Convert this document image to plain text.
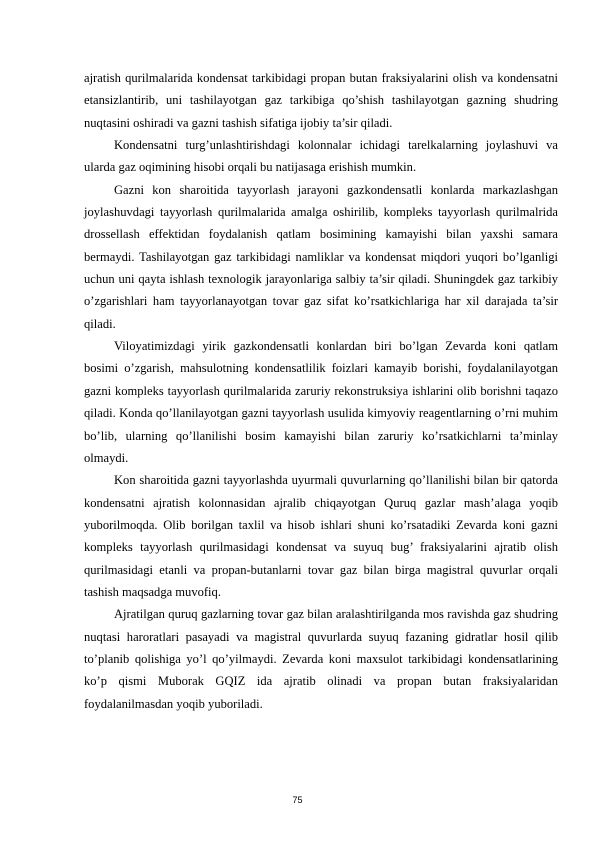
ajratish qurilmalarida kondensat tarkibidagi propan butan fraksiyalarini olish va kondensatni etansizlantirib, uni tashilayotgan gaz tarkibiga qo’shish tashilayotgan gazning shudring nuqtasini oshiradi va gazni tashish sifatiga ijobiy ta’sir qiladi.

Kondensatni turg’unlashtirishdagi kolonnalar ichidagi tarelkalarning joylashuvi va ularda gaz oqimining hisobi orqali bu natijasaga erishish mumkin.

Gazni kon sharoitida tayyorlash jarayoni gazkondensatli konlarda markazlashgan joylashuvdagi tayyorlash qurilmalarida amalga oshirilib, kompleks tayyorlash qurilmalrida drossellash effektidan foydalanish qatlam bosimining kamayishi bilan yaxshi samara bermaydi. Tashilayotgan gaz tarkibidagi namliklar va kondensat miqdori yuqori bo’lganligi uchun uni qayta ishlash texnologik jarayonlariga salbiy ta’sir qiladi. Shuningdek gaz tarkibiy o’zgarishlari ham tayyorlanayotgan tovar gaz sifat ko’rsatkichlariga har xil darajada ta’sir qiladi.

Viloyatimizdagi yirik gazkondensatli konlardan biri bo’lgan Zevarda koni qatlam bosimi o’zgarish, mahsulotning kondensatlilik foizlari kamayib borishi, foydalanilayotgan gazni kompleks tayyorlash qurilmalarida zaruriy rekonstruksiya ishlarini olib borishni taqazo qiladi. Konda qo’llanilayotgan gazni tayyorlash usulida kimyoviy reagentlarning o’rni muhim bo’lib, ularning qo’llanilishi bosim kamayishi bilan zaruriy ko’rsatkichlarni ta’minlay olmaydi.

Kon sharoitida gazni tayyorlashda uyurmali quvurlarning qo’llanilishi bilan bir qatorda kondensatni ajratish kolonnasidan ajralib chiqayotgan Quruq gazlar mash’alaga yoqib yuborilmoqda. Olib borilgan taxlil va hisob ishlari shuni ko’rsatadiki Zevarda koni gazni kompleks tayyorlash qurilmasidagi kondensat va suyuq bug’ fraksiyalarini ajratib olish qurilmasidagi etanli va propan-butanlarni tovar gaz bilan birga magistral quvurlar orqali tashish maqsadga muvofiq.

Ajratilgan quruq gazlarning tovar gaz bilan aralashtirilganda mos ravishda gaz shudring nuqtasi haroratlari pasayadi va magistral quvurlarda suyuq fazaning gidratlar hosil qilib to’planib qolishiga yo’l qo’yilmaydi. Zevarda koni maxsulot tarkibidagi kondensatlarining ko’p qismi Muborak GQIZ ida ajratib olinadi va propan butan fraksiyalaridan foydalanilmasdan yoqib yuboriladi.

75
